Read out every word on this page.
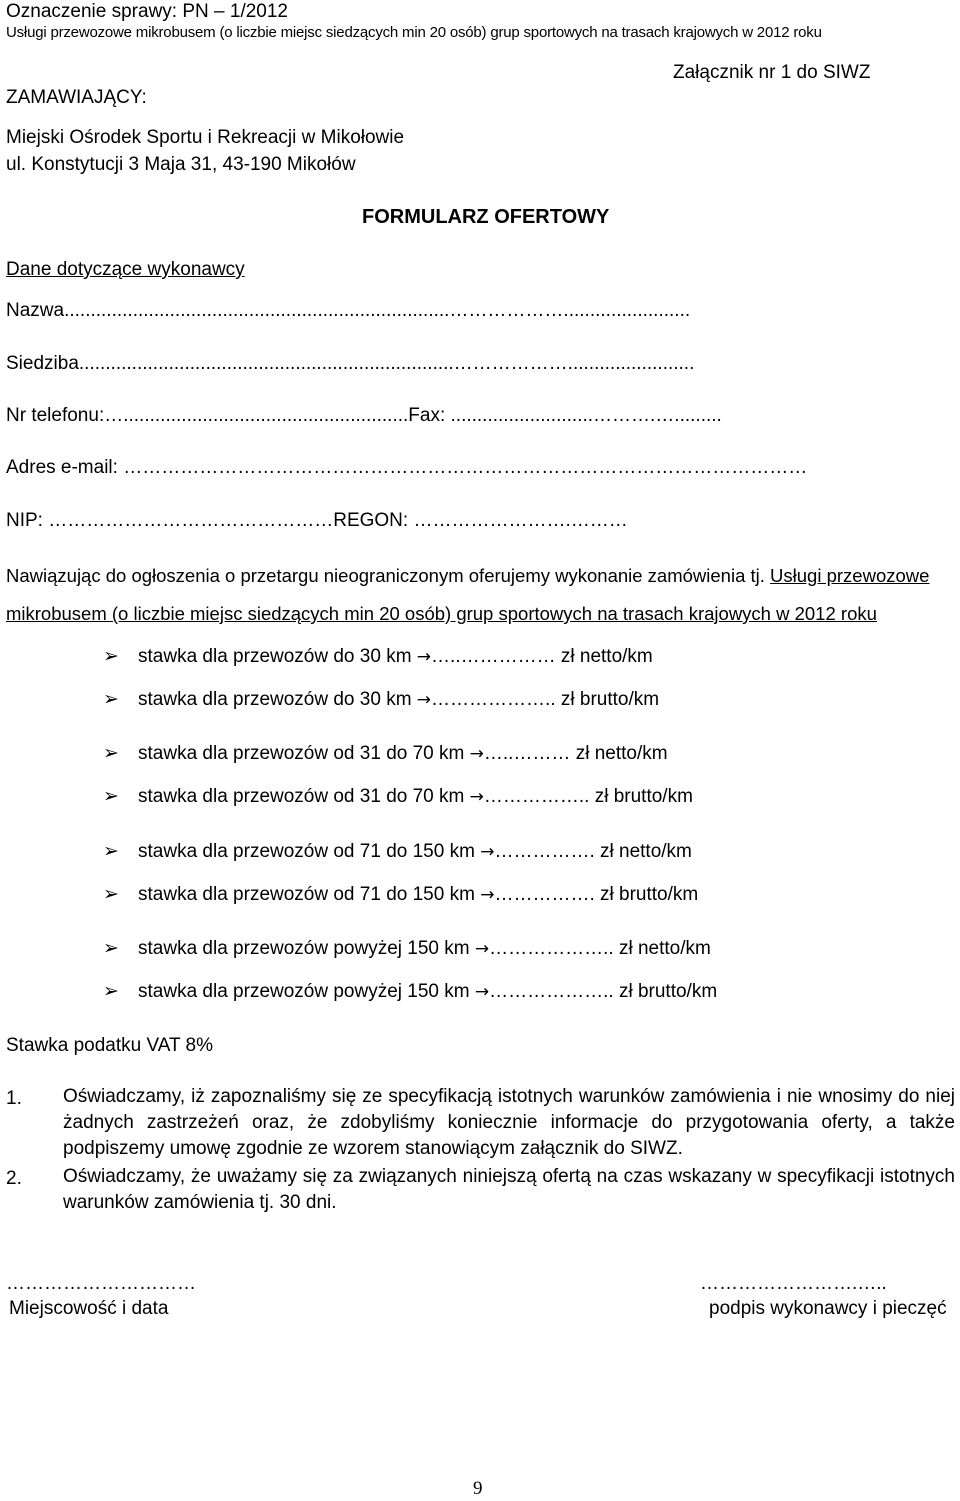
Oznaczenie sprawy: PN – 1/2012
Usługi przewozowe mikrobusem (o liczbie miejsc siedzących min 20 osób) grup sportowych na trasach krajowych w 2012 roku
Załącznik nr 1 do SIWZ
ZAMAWIAJĄCY:
Miejski Ośrodek Sportu i Rekreacji w Mikołowie
ul. Konstytucji 3 Maja 31, 43-190 Mikołów
FORMULARZ OFERTOWY
Dane dotyczące wykonawcy
Nazwa.........................................................................………………........................
Siedziba.......................................................................………………........................
Nr telefonu:…......................................................Fax: ...........................……….….........
Adres e-mail: ………………………………………………………………………………………………
NIP: ………………………………………REGON: …………………….………
Nawiązując do ogłoszenia o przetargu nieograniczonym oferujemy wykonanie zamówienia tj. Usługi przewozowe
mikrobusem (o liczbie miejsc siedzących min 20 osób) grup sportowych na trasach krajowych w 2012 roku
➢ stawka dla przewozów do 30 km →…..…………… zł netto/km
➢ stawka dla przewozów do 30 km →……………….. zł brutto/km
➢ stawka dla przewozów od 31 do 70 km →…..……… zł netto/km
➢ stawka dla przewozów od 31 do 70 km →…………….. zł brutto/km
➢ stawka dla przewozów od 71 do 150 km →……………. zł netto/km
➢ stawka dla przewozów od 71 do 150 km →……………. zł brutto/km
➢ stawka dla przewozów powyżej 150 km →……………….. zł netto/km
➢ stawka dla przewozów powyżej 150 km →……………….. zł brutto/km
Stawka podatku VAT 8%
1. Oświadczamy, iż zapoznaliśmy się ze specyfikacją istotnych warunków zamówienia i nie wnosimy do niej żadnych zastrzeżeń oraz, że zdobyliśmy koniecznie informacje do przygotowania oferty, a także podpiszemy umowę zgodnie ze wzorem stanowiącym załącznik do SIWZ.
2. Oświadczamy, że uważamy się za związanych niniejszą ofertą na czas wskazany w specyfikacji istotnych warunków zamówienia tj. 30 dni.
…………………………
Miejscowość i data
…………………….…..
podpis wykonawcy i pieczęć
9
